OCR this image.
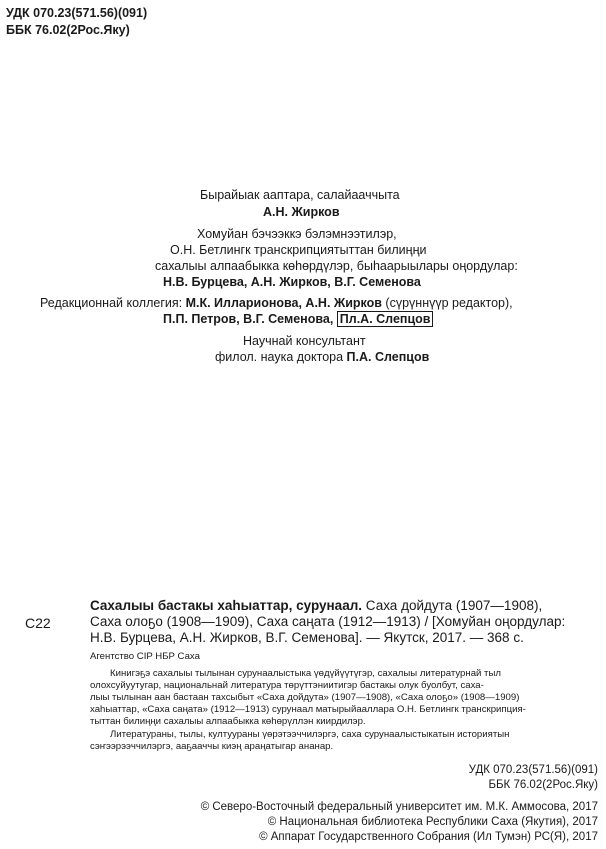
УДК 070.23(571.56)(091)
ББК 76.02(2Рос.Яку)
Бырайыак ааптара, салайааччыта
А.Н. Жирков
Хомуйан бэчээккэ бэлэмнээтилэр,
О.Н. Бетлингк транскрипциятыттан билиңңи
сахалыы алпаабыкка көһөрдүлэр, быһаарыылары оңордулар:
Н.В. Бурцева, А.Н. Жирков, В.Г. Семенова
Редакционнай коллегия: М.К. Илларионова, А.Н. Жирков (сүрүннүүр редактор),
П.П. Петров, В.Г. Семенова, Пл.А. Слепцов
Научнай консультант
филол. наука доктора П.А. Слепцов
С22
Сахалыы бастакы хаһыаттар, сурунаал. Саха дойдута (1907—1908),
Саха олоҕо (1908—1909), Саха саңата (1912—1913) / [Хомуйан оңордулар:
Н.В. Бурцева, А.Н. Жирков, В.Г. Семенова]. — Якутск, 2017. — 368 с.
Агентство CIP НБР Саха
Кинигэҕэ сахалыы тылынан сурунаалыстыка үөдүйүүтүгэр, сахалыы литературнай тыл
олохсуйуутугар, национальнай литература төрүттэниитигэр бастакы олук буолбут, саха-
лыы тылынан аан бастаан тахсыбыт «Саха дойдута» (1907—1908), «Саха олоҕо» (1908—1909)
хаһыаттар, «Саха саңата» (1912—1913) сурунаал матырыйааллара О.Н. Бетлингк транскрипция-
тыттан билиңңи сахалыы алпаабыкка көһөрүллэн киирдилэр.
Литератураны, тылы, култуураны үөрэтээччилэргэ, саха сурунаалыстыкатын историятын
сэҥээрээччилэргэ, ааҕааччы киэң араңатыгар ананар.
УДК 070.23(571.56)(091)
ББК 76.02(2Рос.Яку)
© Северо-Восточный федеральный университет им. М.К. Аммосова, 2017
© Национальная библиотека Республики Саха (Якутия), 2017
© Аппарат Государственного Собрания (Ил Тумэн) РС(Я), 2017
